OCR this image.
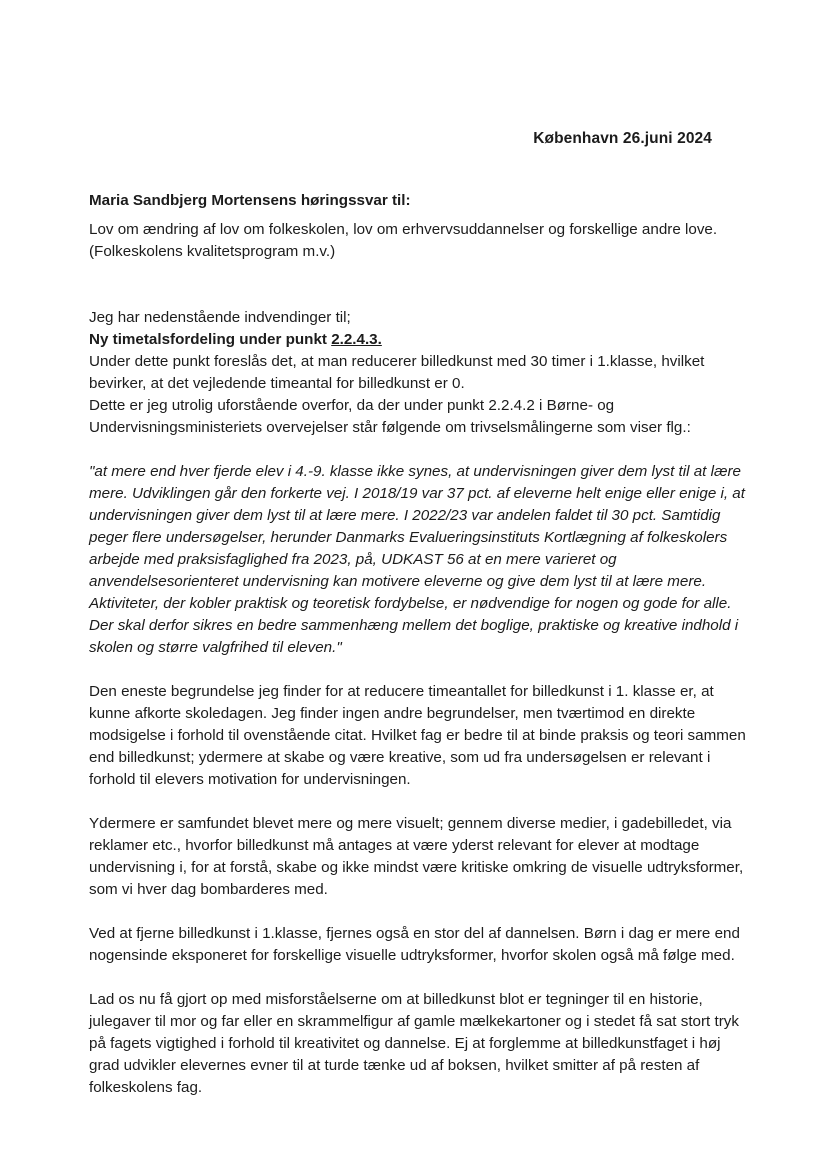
København 26.juni 2024

Maria Sandbjerg Mortensens høringssvar til:

Lov om ændring af lov om folkeskolen, lov om erhvervsuddannelser og forskellige andre love.

(Folkeskolens kvalitetsprogram m.v.)

Jeg har nedenstående indvendinger til;

Ny timetalsfordeling under punkt 2.2.4.3.

Under dette punkt foreslås det, at man reducerer billedkunst med 30 timer i 1.klasse, hvilket bevirker, at det vejledende timeantal for billedkunst er 0.

Dette er jeg utrolig uforstående overfor, da der under punkt 2.2.4.2 i Børne- og Undervisningsministeriets overvejelser står følgende om trivselsmålingerne som viser flg.:

"at mere end hver fjerde elev i 4.-9. klasse ikke synes, at undervisningen giver dem lyst til at lære mere. Udviklingen går den forkerte vej. I 2018/19 var 37 pct. af eleverne helt enige eller enige i, at undervisningen giver dem lyst til at lære mere. I 2022/23 var andelen faldet til 30 pct. Samtidig peger flere undersøgelser, herunder Danmarks Evalueringsinstituts Kortlægning af folkeskolers arbejde med praksisfaglighed fra 2023, på, UDKAST 56 at en mere varieret og anvendelsesorienteret undervisning kan motivere eleverne og give dem lyst til at lære mere. Aktiviteter, der kobler praktisk og teoretisk fordybelse, er nødvendige for nogen og gode for alle. Der skal derfor sikres en bedre sammenhæng mellem det boglige, praktiske og kreative indhold i skolen og større valgfrihed til eleven."

Den eneste begrundelse jeg finder for at reducere timeantallet for billedkunst i 1. klasse er, at kunne afkorte skoledagen. Jeg finder ingen andre begrundelser, men tværtimod en direkte modsigelse i forhold til ovenstående citat. Hvilket fag er bedre til at binde praksis og teori sammen end billedkunst; ydermere at skabe og være kreative, som ud fra undersøgelsen er relevant i forhold til elevers motivation for undervisningen.

Ydermere er samfundet blevet mere og mere visuelt; gennem diverse medier, i gadebilledet, via reklamer etc., hvorfor billedkunst må antages at være yderst relevant for elever at modtage undervisning i, for at forstå, skabe og ikke mindst være kritiske omkring de visuelle udtryksformer, som vi hver dag bombarderes med.

Ved at fjerne billedkunst i 1.klasse, fjernes også en stor del af dannelsen. Børn i dag er mere end nogensinde eksponeret for forskellige visuelle udtryksformer, hvorfor skolen også må følge med.

Lad os nu få gjort op med misforståelserne om at billedkunst blot er tegninger til en historie, julegaver til mor og far eller en skrammelfigur af gamle mælkekartoner og i stedet få sat stort tryk på fagets vigtighed i forhold til kreativitet og dannelse. Ej at forglemme at billedkunstfaget i høj grad udvikler elevernes evner til at turde tænke ud af boksen, hvilket smitter af på resten af folkeskolens fag.
